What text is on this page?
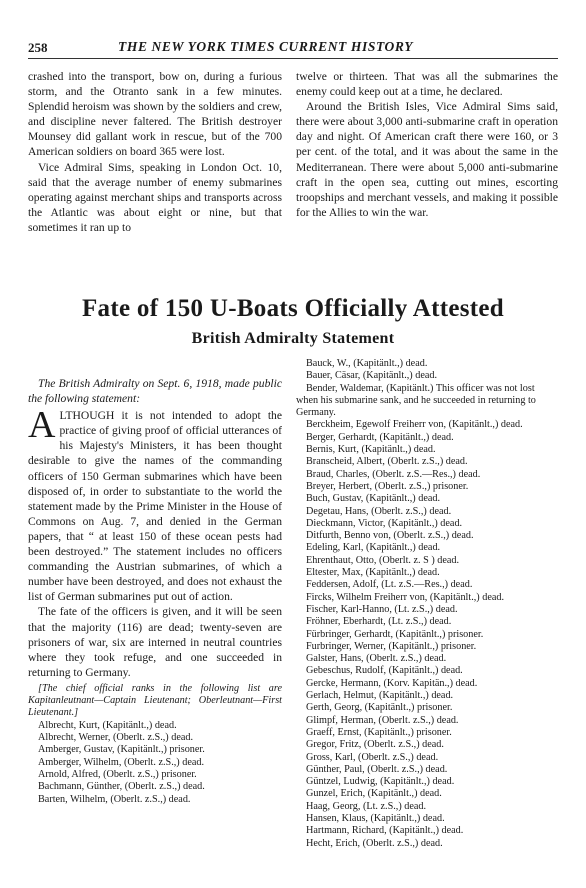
258	THE NEW YORK TIMES CURRENT HISTORY

crashed into the transport, bow on, during a furious storm, and the Otranto sank in a few minutes. Splendid heroism was shown by the soldiers and crew, and discipline never faltered. The British destroyer Mounsey did gallant work in rescue, but of the 700 American soldiers on board 365 were lost.

Vice Admiral Sims, speaking in London Oct. 10, said that the average number of enemy submarines operating against merchant ships and transports across the Atlantic was about eight or nine, but that sometimes it ran up to

twelve or thirteen. That was all the submarines the enemy could keep out at a time, he declared.

Around the British Isles, Vice Admiral Sims said, there were about 3,000 anti-submarine craft in operation day and night. Of American craft there were 160, or 3 per cent. of the total, and it was about the same in the Mediterranean. There were about 5,000 anti-submarine craft in the open sea, cutting out mines, escorting troopships and merchant vessels, and making it possible for the Allies to win the war.

Fate of 150 U-Boats Officially Attested
British Admiralty Statement

The British Admiralty on Sept. 6, 1918, made public the following statement:

ALTHOUGH it is not intended to adopt the practice of giving proof of official utterances of his Majesty's Ministers, it has been thought desirable to give the names of the commanding officers of 150 German submarines which have been disposed of, in order to substantiate to the world the statement made by the Prime Minister in the House of Commons on Aug. 7, and denied in the German papers, that “ at least 150 of these ocean pests had been destroyed.” The statement includes no officers commanding the Austrian submarines, of which a number have been destroyed, and does not exhaust the list of German submarines put out of action.

The fate of the officers is given, and it will be seen that the majority (116) are dead; twenty-seven are prisoners of war, six are interned in neutral countries where they took refuge, and one succeeded in returning to Germany.

[The chief official ranks in the following list are Kapitanleutnant—Captain Lieutenant; Oberleutnant—First Lieutenant.]

Albrecht, Kurt, (Kapitänlt.,) dead.

Albrecht, Werner, (Oberlt. z.S.,) dead.

Amberger, Gustav, (Kapitänlt.,) prisoner.

Amberger, Wilhelm, (Oberlt. z.S.,) dead.

Arnold, Alfred, (Oberlt. z.S.,) prisoner.

Bachmann, Günther, (Oberlt. z.S.,) dead.

Barten, Wilhelm, (Oberlt. z.S.,) dead.

Bauck, W., (Kapitänlt.,) dead.

Bauer, Cäsar, (Kapitänlt.,) dead.

Bender, Waldemar, (Kapitänlt.) This officer was not lost when his submarine sank, and he succeeded in returning to Germany.

Berckheim, Egewolf Freiherr von, (Kapitänlt.,) dead.

Berger, Gerhardt, (Kapitänlt.,) dead.

Bernis, Kurt, (Kapitänlt.,) dead.

Branscheid, Albert, (Oberlt. z.S.,) dead.

Braud, Charles, (Oberlt. z.S.—Res.,) dead.

Breyer, Herbert, (Oberlt. z.S.,) prisoner.

Buch, Gustav, (Kapitänlt.,) dead.

Degetau, Hans, (Oberlt. z.S.,) dead.

Dieckmann, Victor, (Kapitänlt.,) dead.

Ditfurth, Benno von, (Oberlt. z.S.,) dead.

Edeling, Karl, (Kapitänlt.,) dead.

Ehrenthaut, Otto, (Oberlt. z. S ) dead.

Eltester, Max, (Kapitänlt.,) dead.

Feddersen, Adolf, (Lt. z.S.—Res.,) dead.

Fircks, Wilhelm Freiherr von, (Kapitänlt.,) dead.

Fischer, Karl-Hanno, (Lt. z.S.,) dead.

Fröhner, Eberhardt, (Lt. z.S.,) dead.

Fürbringer, Gerhardt, (Kapitänlt.,) prisoner.

Furbringer, Werner, (Kapitänlt.,) prisoner.

Galster, Hans, (Oberlt. z.S.,) dead.

Gebeschus, Rudolf, (Kapitänlt.,) dead.

Gercke, Hermann, (Korv. Kapitän.,) dead.

Gerlach, Helmut, (Kapitänlt.,) dead.

Gerth, Georg, (Kapitänlt.,) prisoner.

Glimpf, Herman, (Oberlt. z.S.,) dead.

Graeff, Ernst, (Kapitänlt.,) prisoner.

Gregor, Fritz, (Oberlt. z.S.,) dead.

Gross, Karl, (Oberlt. z.S.,) dead.

Günther, Paul, (Oberlt. z.S.,) dead.

Güntzel, Ludwig, (Kapitänlt.,) dead.

Gunzel, Erich, (Kapitänlt.,) dead.

Haag, Georg, (Lt. z.S.,) dead.

Hansen, Klaus, (Kapitänlt.,) dead.

Hartmann, Richard, (Kapitänlt.,) dead.

Hecht, Erich, (Oberlt. z.S.,) dead.
